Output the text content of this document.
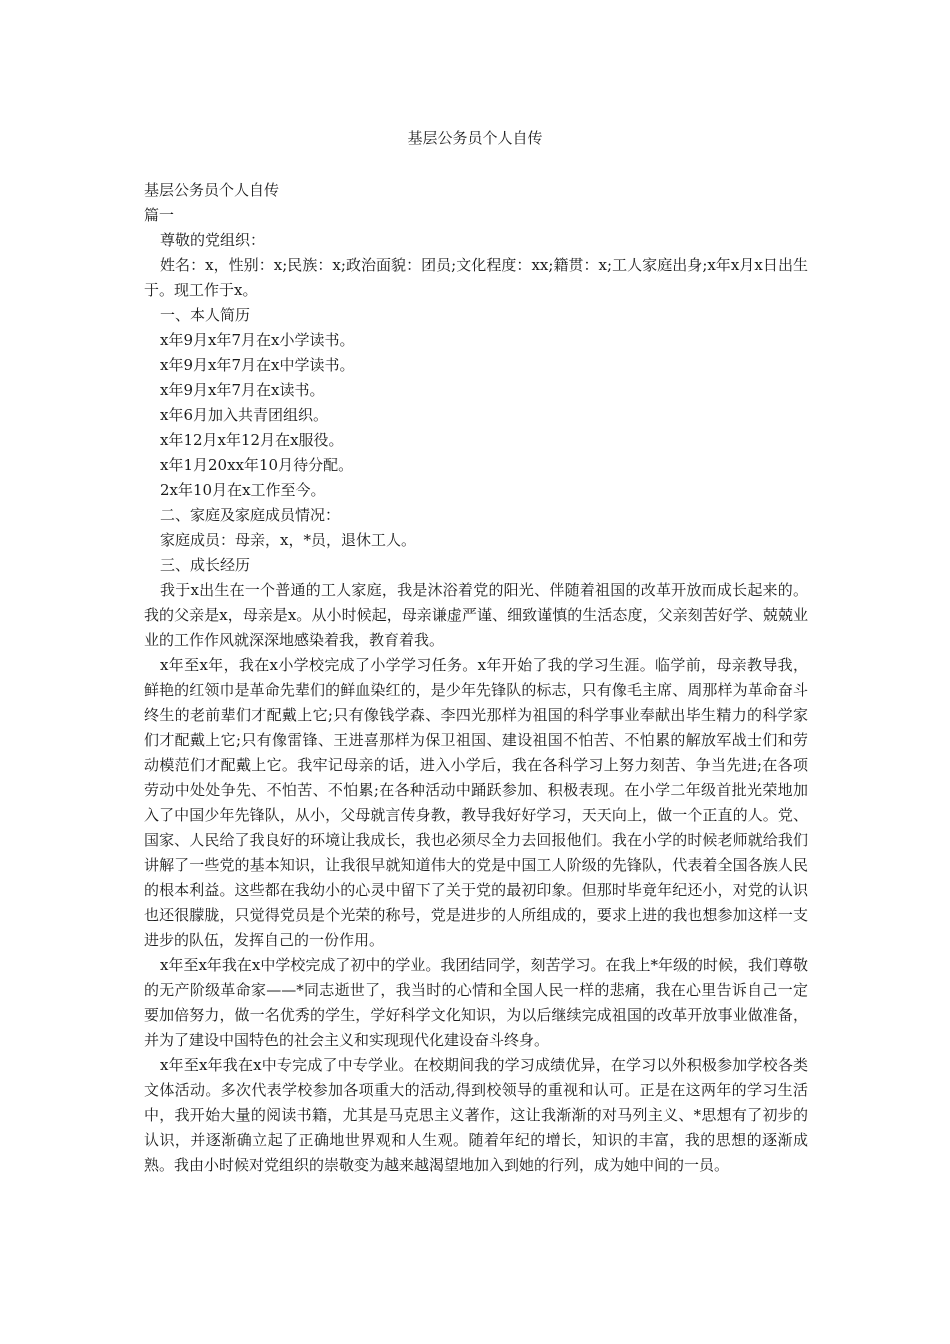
基层公务员个人自传

基层公务员个人自传

篇一

尊敬的党组织：

姓名：x，性别：x;民族：x;政治面貌：团员;文化程度：xx;籍贯：x;工人家庭出身;x年x月x日出生于。现工作于x。

一、本人简历

x年9月x年7月在x小学读书。

x年9月x年7月在x中学读书。

x年9月x年7月在x读书。

x年6月加入共青团组织。

x年12月x年12月在x服役。

x年1月20xx年10月待分配。

2x年10月在x工作至今。

二、家庭及家庭成员情况：

家庭成员：母亲，x，*员，退休工人。

三、成长经历

我于x出生在一个普通的工人家庭，我是沐浴着党的阳光、伴随着祖国的改革开放而成长起来的。我的父亲是x，母亲是x。从小时候起，母亲谦虚严谨、细致谨慎的生活态度，父亲刻苦好学、兢兢业业的工作作风就深深地感染着我，教育着我。

x年至x年，我在x小学校完成了小学学习任务。x年开始了我的学习生涯。临学前，母亲教导我，鲜艳的红领巾是革命先辈们的鲜血染红的，是少年先锋队的标志，只有像毛主席、周那样为革命奋斗终生的老前辈们才配戴上它;只有像钱学森、李四光那样为祖国的科学事业奉献出毕生精力的科学家们才配戴上它;只有像雷锋、王进喜那样为保卫祖国、建设祖国不怕苦、不怕累的解放军战士们和劳动模范们才配戴上它。我牢记母亲的话，进入小学后，我在各科学习上努力刻苦、争当先进;在各项劳动中处处争先、不怕苦、不怕累;在各种活动中踊跃参加、积极表现。在小学二年级首批光荣地加入了中国少年先锋队，从小，父母就言传身教，教导我好好学习，天天向上，做一个正直的人。党、国家、人民给了我良好的环境让我成长，我也必须尽全力去回报他们。我在小学的时候老师就给我们讲解了一些党的基本知识，让我很早就知道伟大的党是中国工人阶级的先锋队，代表着全国各族人民的根本利益。这些都在我幼小的心灵中留下了关于党的最初印象。但那时毕竟年纪还小，对党的认识也还很朦胧，只觉得党员是个光荣的称号，党是进步的人所组成的，要求上进的我也想参加这样一支进步的队伍，发挥自己的一份作用。

x年至x年我在x中学校完成了初中的学业。我团结同学，刻苦学习。在我上*年级的时候，我们尊敬的无产阶级革命家——*同志逝世了，我当时的心情和全国人民一样的悲痛，我在心里告诉自己一定要加倍努力，做一名优秀的学生，学好科学文化知识，为以后继续完成祖国的改革开放事业做准备，并为了建设中国特色的社会主义和实现现代化建设奋斗终身。

x年至x年我在x中专完成了中专学业。在校期间我的学习成绩优异，在学习以外积极参加学校各类文体活动。多次代表学校参加各项重大的活动,得到校领导的重视和认可。正是在这两年的学习生活中，我开始大量的阅读书籍，尤其是马克思主义著作，这让我渐渐的对马列主义、*思想有了初步的认识，并逐渐确立起了正确地世界观和人生观。随着年纪的增长，知识的丰富，我的思想的逐渐成熟。我由小时候对党组织的崇敬变为越来越渴望地加入到她的行列，成为她中间的一员。
